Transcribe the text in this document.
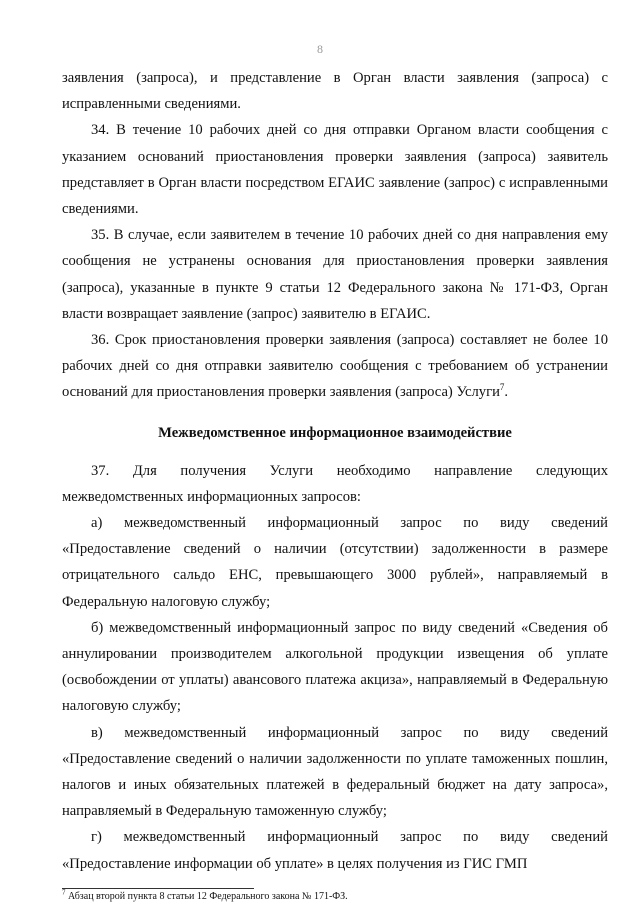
8

заявления (запроса), и представление в Орган власти заявления (запроса) с исправленными сведениями.

34. В течение 10 рабочих дней со дня отправки Органом власти сообщения с указанием оснований приостановления проверки заявления (запроса) заявитель представляет в Орган власти посредством ЕГАИС заявление (запрос) с исправленными сведениями.

35. В случае, если заявителем в течение 10 рабочих дней со дня направления ему сообщения не устранены основания для приостановления проверки заявления (запроса), указанные в пункте 9 статьи 12 Федерального закона № 171-ФЗ, Орган власти возвращает заявление (запрос) заявителю в ЕГАИС.

36. Срок приостановления проверки заявления (запроса) составляет не более 10 рабочих дней со дня отправки заявителю сообщения с требованием об устранении оснований для приостановления проверки заявления (запроса) Услуги$^7$.

Межведомственное информационное взаимодействие

37. Для получения Услуги необходимо направление следующих межведомственных информационных запросов:

а) межведомственный информационный запрос по виду сведений «Предоставление сведений о наличии (отсутствии) задолженности в размере отрицательного сальдо ЕНС, превышающего 3000 рублей», направляемый в Федеральную налоговую службу;

б) межведомственный информационный запрос по виду сведений «Сведения об аннулировании производителем алкогольной продукции извещения об уплате (освобождении от уплаты) авансового платежа акциза», направляемый в Федеральную налоговую службу;

в) межведомственный информационный запрос по виду сведений «Предоставление сведений о наличии задолженности по уплате таможенных пошлин, налогов и иных обязательных платежей в федеральный бюджет на дату запроса», направляемый в Федеральную таможенную службу;

г) межведомственный информационный запрос по виду сведений «Предоставление информации об уплате» в целях получения из ГИС ГМП

$^7$ Абзац второй пункта 8 статьи 12 Федерального закона № 171-ФЗ.
